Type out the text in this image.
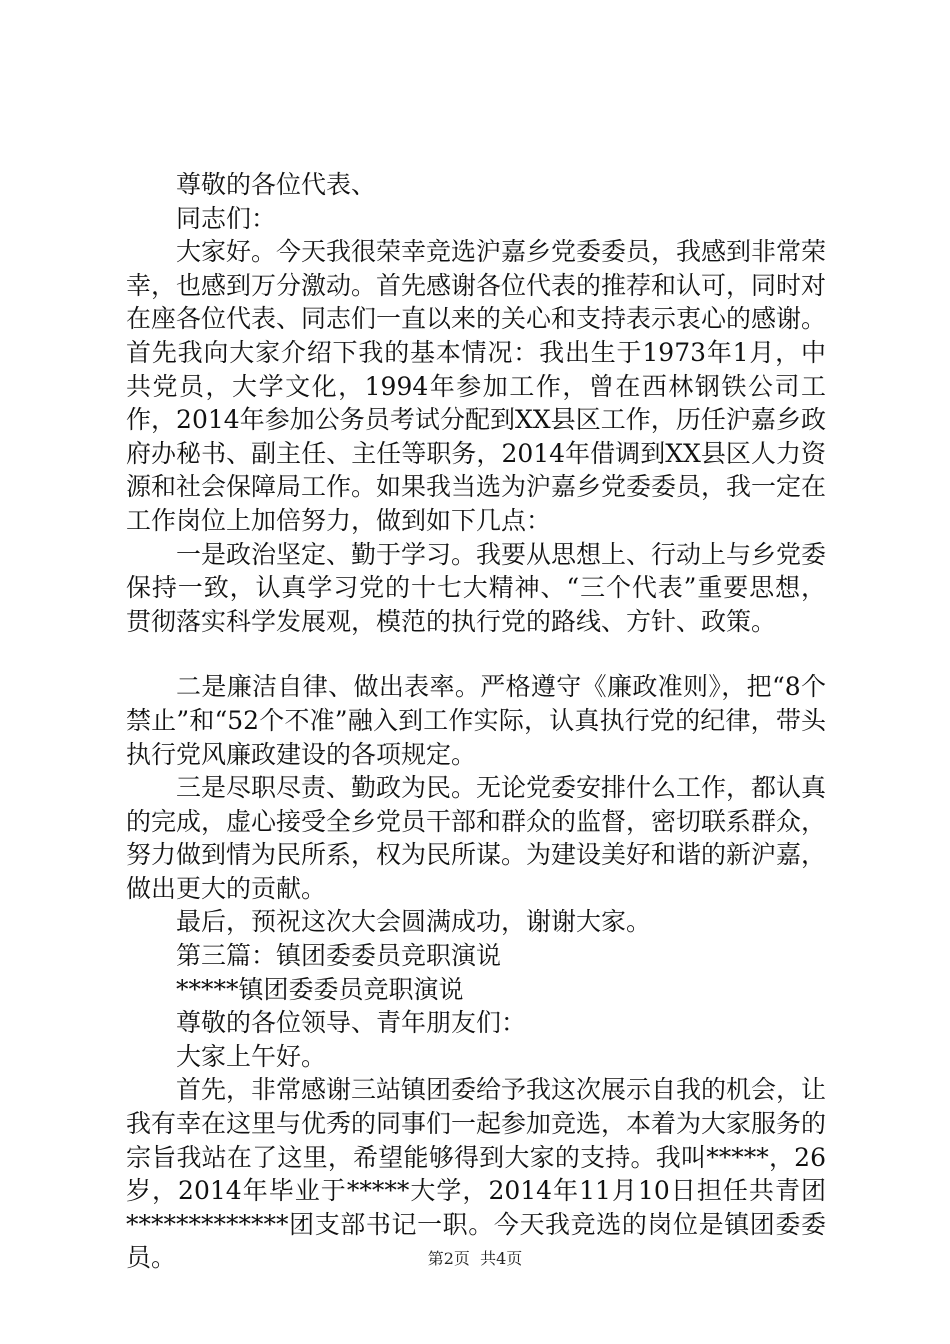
尊敬的各位代表、

同志们：

大家好。今天我很荣幸竞选沪嘉乡党委委员，我感到非常荣幸，也感到万分激动。首先感谢各位代表的推荐和认可，同时对在座各位代表、同志们一直以来的关心和支持表示衷心的感谢。首先我向大家介绍下我的基本情况：我出生于1973年1月，中共党员，大学文化，1994年参加工作，曾在西林钢铁公司工作，2014年参加公务员考试分配到XX县区工作，历任沪嘉乡政府办秘书、副主任、主任等职务，2014年借调到XX县区人力资源和社会保障局工作。如果我当选为沪嘉乡党委委员，我一定在工作岗位上加倍努力，做到如下几点：

一是政治坚定、勤于学习。我要从思想上、行动上与乡党委保持一致，认真学习党的十七大精神、“三个代表”重要思想，贯彻落实科学发展观，模范的执行党的路线、方针、政策。

二是廉洁自律、做出表率。严格遵守《廉政准则》，把“8个禁止”和“52个不准”融入到工作实际，认真执行党的纪律，带头执行党风廉政建设的各项规定。

三是尽职尽责、勤政为民。无论党委安排什么工作，都认真的完成，虚心接受全乡党员干部和群众的监督，密切联系群众，努力做到情为民所系，权为民所谋。为建设美好和谐的新沪嘉，做出更大的贡献。

最后，预祝这次大会圆满成功，谢谢大家。

第三篇：镇团委委员竞职演说

*****镇团委委员竞职演说

尊敬的各位领导、青年朋友们：

大家上午好。

首先，非常感谢三站镇团委给予我这次展示自我的机会，让我有幸在这里与优秀的同事们一起参加竞选，本着为大家服务的宗旨我站在了这里，希望能够得到大家的支持。我叫*****，26岁，2014年毕业于*****大学，2014年11月10日担任共青团*************团支部书记一职。今天我竞选的岗位是镇团委委员。	第2页 共4页
